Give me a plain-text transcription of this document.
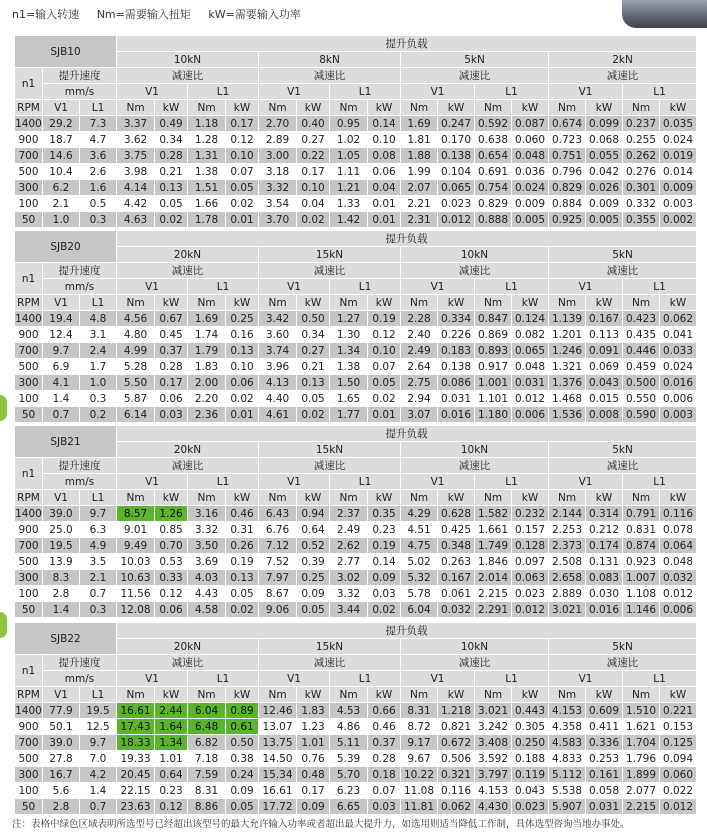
n1=输入转速 Nm=需要输入扭矩 kW=需要输入功率
SJB10			提升负载															
			10kN				8kN				5kN				2kN			
n1	提升速度		减速比				减速比				减速比				减速比			
	mm/s		V1		L1		V1		L1		V1		L1		V1		L1	
RPM	V1	L1	Nm	kW	Nm	kW	Nm	kW	Nm	kW	Nm	kW	Nm	kW	Nm	kW	Nm	kW
1400	29.2	7.3	3.37	0.49	1.18	0.17	2.70	0.40	0.95	0.14	1.69	0.247	0.592	0.087	0.674	0.099	0.237	0.035
900	18.7	4.7	3.62	0.34	1.28	0.12	2.89	0.27	1.02	0.10	1.81	0.170	0.638	0.060	0.723	0.068	0.255	0.024
700	14.6	3.6	3.75	0.28	1.31	0.10	3.00	0.22	1.05	0.08	1.88	0.138	0.654	0.048	0.751	0.055	0.262	0.019
500	10.4	2.6	3.98	0.21	1.38	0.07	3.18	0.17	1.11	0.06	1.99	0.104	0.691	0.036	0.796	0.042	0.276	0.014
300	6.2	1.6	4.14	0.13	1.51	0.05	3.32	0.10	1.21	0.04	2.07	0.065	0.754	0.024	0.829	0.026	0.301	0.009
100	2.1	0.5	4.42	0.05	1.66	0.02	3.54	0.04	1.33	0.01	2.21	0.023	0.829	0.009	0.884	0.009	0.332	0.003
50	1.0	0.3	4.63	0.02	1.78	0.01	3.70	0.02	1.42	0.01	2.31	0.012	0.888	0.005	0.925	0.005	0.355	0.002
SJB20			提升负载															
			20kN				15kN				10kN				5kN			
n1	提升速度		减速比				减速比				减速比				减速比			
	mm/s		V1		L1		V1		L1		V1		L1		V1		L1	
RPM	V1	L1	Nm	kW	Nm	kW	Nm	kW	Nm	kW	Nm	kW	Nm	kW	Nm	kW	Nm	kW
1400	19.4	4.8	4.56	0.67	1.69	0.25	3.42	0.50	1.27	0.19	2.28	0.334	0.847	0.124	1.139	0.167	0.423	0.062
900	12.4	3.1	4.80	0.45	1.74	0.16	3.60	0.34	1.30	0.12	2.40	0.226	0.869	0.082	1.201	0.113	0.435	0.041
700	9.7	2.4	4.99	0.37	1.79	0.13	3.74	0.27	1.34	0.10	2.49	0.183	0.893	0.065	1.246	0.091	0.446	0.033
500	6.9	1.7	5.28	0.28	1.83	0.10	3.96	0.21	1.38	0.07	2.64	0.138	0.917	0.048	1.321	0.069	0.459	0.024
300	4.1	1.0	5.50	0.17	2.00	0.06	4.13	0.13	1.50	0.05	2.75	0.086	1.001	0.031	1.376	0.043	0.500	0.016
100	1.4	0.3	5.87	0.06	2.20	0.02	4.40	0.05	1.65	0.02	2.94	0.031	1.101	0.012	1.468	0.015	0.550	0.006
50	0.7	0.2	6.14	0.03	2.36	0.01	4.61	0.02	1.77	0.01	3.07	0.016	1.180	0.006	1.536	0.008	0.590	0.003
SJB21			提升负载															
			20kN				15kN				10kN				5kN			
n1	提升速度		减速比				减速比				减速比				减速比			
	mm/s		V1		L1		V1		L1		V1		L1		V1		L1	
RPM	V1	L1	Nm	kW	Nm	kW	Nm	kW	Nm	kW	Nm	kW	Nm	kW	Nm	kW	Nm	kW
1400	39.0	9.7	8.57	1.26	3.16	0.46	6.43	0.94	2.37	0.35	4.29	0.628	1.582	0.232	2.144	0.314	0.791	0.116
900	25.0	6.3	9.01	0.85	3.32	0.31	6.76	0.64	2.49	0.23	4.51	0.425	1.661	0.157	2.253	0.212	0.831	0.078
700	19.5	4.9	9.49	0.70	3.50	0.26	7.12	0.52	2.62	0.19	4.75	0.348	1.749	0.128	2.373	0.174	0.874	0.064
500	13.9	3.5	10.03	0.53	3.69	0.19	7.52	0.39	2.77	0.14	5.02	0.263	1.846	0.097	2.508	0.131	0.923	0.048
300	8.3	2.1	10.63	0.33	4.03	0.13	7.97	0.25	3.02	0.09	5.32	0.167	2.014	0.063	2.658	0.083	1.007	0.032
100	2.8	0.7	11.56	0.12	4.43	0.05	8.67	0.09	3.32	0.03	5.78	0.061	2.215	0.023	2.889	0.030	1.108	0.012
50	1.4	0.3	12.08	0.06	4.58	0.02	9.06	0.05	3.44	0.02	6.04	0.032	2.291	0.012	3.021	0.016	1.146	0.006
SJB22			提升负载															
			20kN				15kN				10kN				5kN			
n1	提升速度		减速比				减速比				减速比				减速比			
	mm/s		V1		L1		V1		L1		V1		L1		V1		L1	
RPM	V1	L1	Nm	kW	Nm	kW	Nm	kW	Nm	kW	Nm	kW	Nm	kW	Nm	kW	Nm	kW
1400	77.9	19.5	16.61	2.44	6.04	0.89	12.46	1.83	4.53	0.66	8.31	1.218	3.021	0.443	4.153	0.609	1.510	0.221
900	50.1	12.5	17.43	1.64	6.48	0.61	13.07	1.23	4.86	0.46	8.72	0.821	3.242	0.305	4.358	0.411	1.621	0.153
700	39.0	9.7	18.33	1.34	6.82	0.50	13.75	1.01	5.11	0.37	9.17	0.672	3.408	0.250	4.583	0.336	1.704	0.125
500	27.8	7.0	19.33	1.01	7.18	0.38	14.50	0.76	5.39	0.28	9.67	0.506	3.592	0.188	4.833	0.253	1.796	0.094
300	16.7	4.2	20.45	0.64	7.59	0.24	15.34	0.48	5.70	0.18	10.22	0.321	3.797	0.119	5.112	0.161	1.899	0.060
100	5.6	1.4	22.15	0.23	8.31	0.09	16.61	0.17	6.23	0.07	11.08	0.116	4.153	0.043	5.538	0.058	2.077	0.022
50	2.8	0.7	23.63	0.12	8.86	0.05	17.72	0.09	6.65	0.03	11.81	0.062	4.430	0.023	5.907	0.031	2.215	0.012
注：表格中绿色区域表明所选型号已经超出该型号的最大允许输入功率或者超出最大提升力，如选用则适当降低工作制，具体选型咨询当地办事处。
